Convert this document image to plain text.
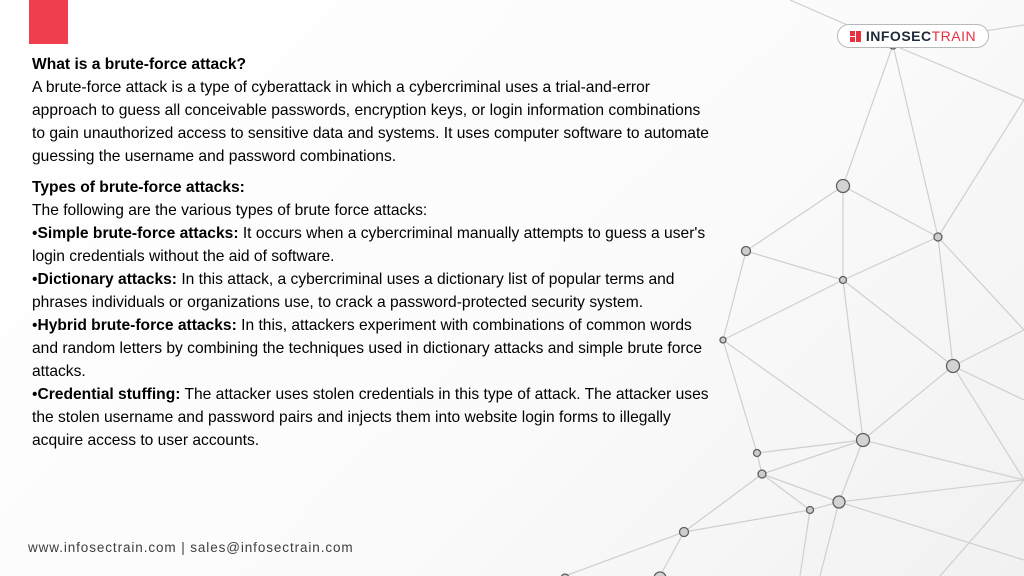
INFOSECTRAIN

What is a brute-force attack?

A brute-force attack is a type of cyberattack in which a cybercriminal uses a trial-and-error approach to guess all conceivable passwords, encryption keys, or login information combinations to gain unauthorized access to sensitive data and systems. It uses computer software to automate guessing the username and password combinations.

Types of brute-force attacks:

The following are the various types of brute force attacks:

•Simple brute-force attacks: It occurs when a cybercriminal manually attempts to guess a user's login credentials without the aid of software.

•Dictionary attacks: In this attack, a cybercriminal uses a dictionary list of popular terms and phrases individuals or organizations use, to crack a password-protected security system.

•Hybrid brute-force attacks: In this, attackers experiment with combinations of common words and random letters by combining the techniques used in dictionary attacks and simple brute force attacks.

•Credential stuffing: The attacker uses stolen credentials in this type of attack. The attacker uses the stolen username and password pairs and injects them into website login forms to illegally acquire access to user accounts.

www.infosectrain.com | sales@infosectrain.com
